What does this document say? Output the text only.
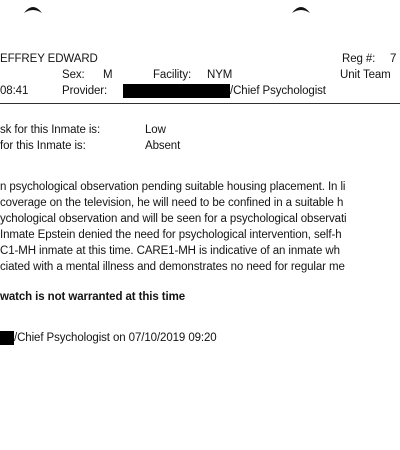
EFFREY EDWARD	Reg #: 7
Sex: M	Facility: NYM	Unit Team
08:41	Provider:	/Chief Psychologist
sk for this Inmate is:	Low
for this Inmate is:	Absent
n psychological observation pending suitable housing placement. In li
coverage on the television, he will need to be confined in a suitable h
ychological observation and will be seen for a psychological observati
Inmate Epstein denied the need for psychological intervention, self-h
C1-MH inmate at this time. CARE1-MH is indicative of an inmate wh
ciated with a mental illness and demonstrates no need for regular me
watch is not warranted at this time
/Chief Psychologist on 07/10/2019 09:20
